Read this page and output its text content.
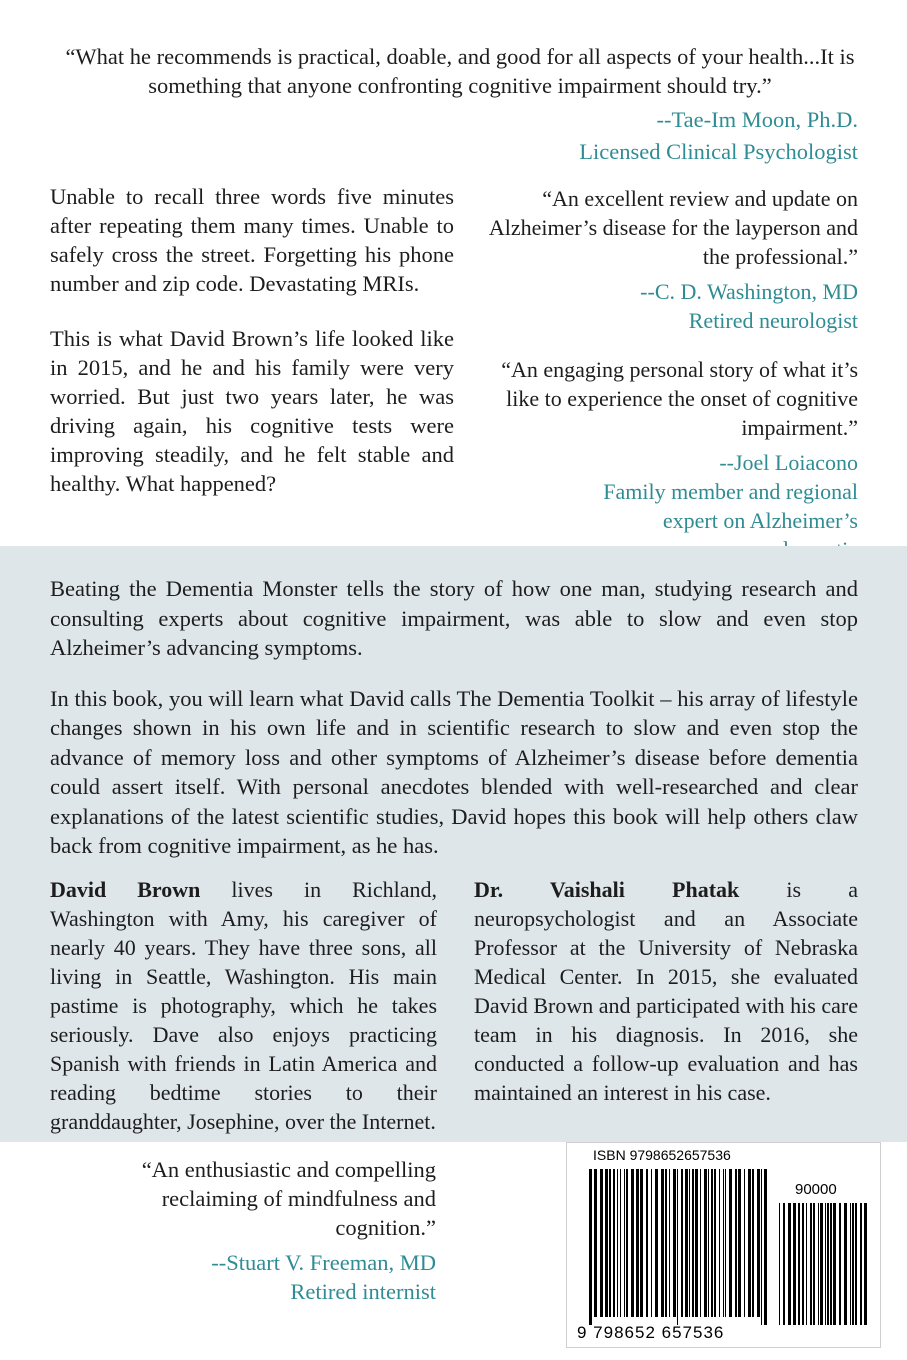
“What he recommends is practical, doable, and good for all aspects of your health...It is something that anyone confronting cognitive impairment should try.”
--Tae-Im Moon, Ph.D.
Licensed Clinical Psychologist

Unable to recall three words five minutes after repeating them many times. Unable to safely cross the street. Forgetting his phone number and zip code. Devastating MRIs.

This is what David Brown’s life looked like in 2015, and he and his family were very worried. But just two years later, he was driving again, his cognitive tests were improving steadily, and he felt stable and healthy. What happened?

“An excellent review and update on Alzheimer’s disease for the layperson and the professional.”

--C. D. Washington, MD
Retired neurologist

“An engaging personal story of what it’s like to experience the onset of cognitive impairment.”

--Joel Loiacono
Family member and regional expert on Alzheimer’s

Beating the Dementia Monster tells the story of how one man, studying research and consulting experts about cognitive impairment, was able to slow and even stop Alzheimer’s advancing symptoms.

In this book, you will learn what David calls The Dementia Toolkit – his array of lifestyle changes shown in his own life and in scientific research to slow and even stop the advance of memory loss and other symptoms of Alzheimer’s disease before dementia could assert itself. With personal anecdotes blended with well-researched and clear explanations of the latest scientific studies, David hopes this book will help others claw back from cognitive impairment, as he has.

David Brown lives in Richland, Washington with Amy, his caregiver of nearly 40 years. They have three sons, all living in Seattle, Washington. His main pastime is photography, which he takes seriously. Dave also enjoys practicing Spanish with friends in Latin America and reading bedtime stories to their granddaughter, Josephine, over the Internet.
Dr. Vaishali Phatak is a neuropsychologist and an Associate Professor at the University of Nebraska Medical Center. In 2015, she evaluated David Brown and participated with his care team in his diagnosis. In 2016, she conducted a follow-up evaluation and has maintained an interest in his case.
“An enthusiastic and compelling reclaiming of mindfulness and cognition.”
--Stuart V. Freeman, MD
Retired internist
ISBN 9798652657536
90000
9 798652 657536
